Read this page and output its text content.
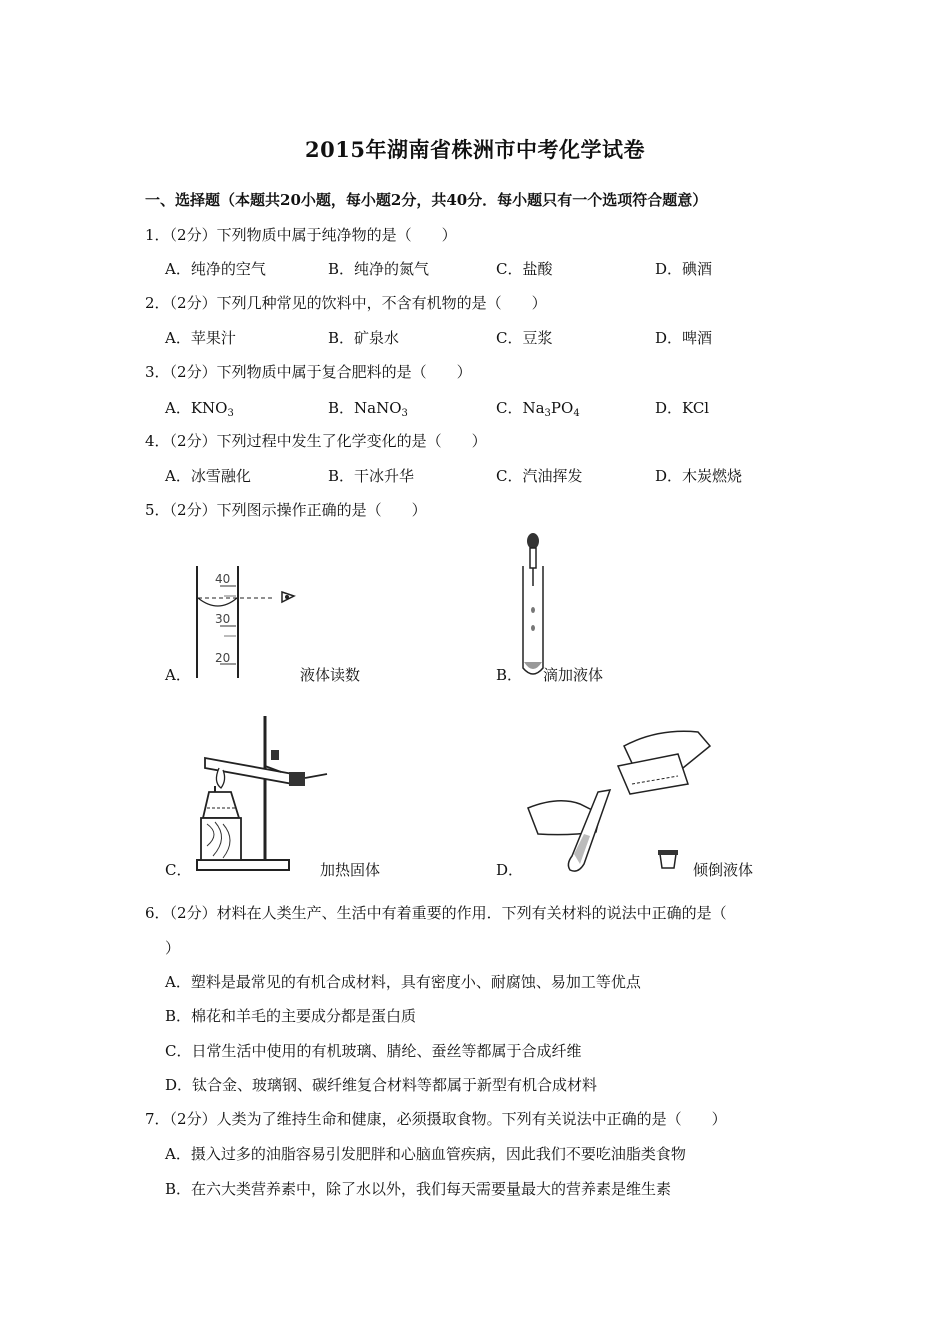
2015年湖南省株洲市中考化学试卷
一、选择题（本题共20小题，每小题2分，共40分．每小题只有一个选项符合题意）
1．（2分）下列物质中属于纯净物的是（　　）
A．纯净的空气	B．纯净的氮气	C．盐酸	D．碘酒
2．（2分）下列几种常见的饮料中，不含有机物的是（　　）
A．苹果汁	B．矿泉水	C．豆浆	D．啤酒
3．（2分）下列物质中属于复合肥料的是（　　）
A．$KNO_3$	B．NaNO$_3$	C．$Na_3PO_4$	D．KCl
4．（2分）下列过程中发生了化学变化的是（　　）
A．冰雪融化	B．干冰升华	C．汽油挥发	D．木炭燃烧
5．（2分）下列图示操作正确的是（　　）
40
30
20
A．	液体读数	B． 滴加液体
C．	加热固体	D．	倾倒液体
6．（2分）材料在人类生产、生活中有着重要的作用．下列有关材料的说法中正确的是（
）
A．塑料是最常见的有机合成材料，具有密度小、耐腐蚀、易加工等优点
B．棉花和羊毛的主要成分都是蛋白质
C．日常生活中使用的有机玻璃、腈纶、蚕丝等都属于合成纤维
D．钛合金、玻璃钢、碳纤维复合材料等都属于新型有机合成材料
7．（2分）人类为了维持生命和健康，必须摄取食物。下列有关说法中正确的是（　　）
A．摄入过多的油脂容易引发肥胖和心脑血管疾病，因此我们不要吃油脂类食物
B．在六大类营养素中，除了水以外，我们每天需要量最大的营养素是维生素
